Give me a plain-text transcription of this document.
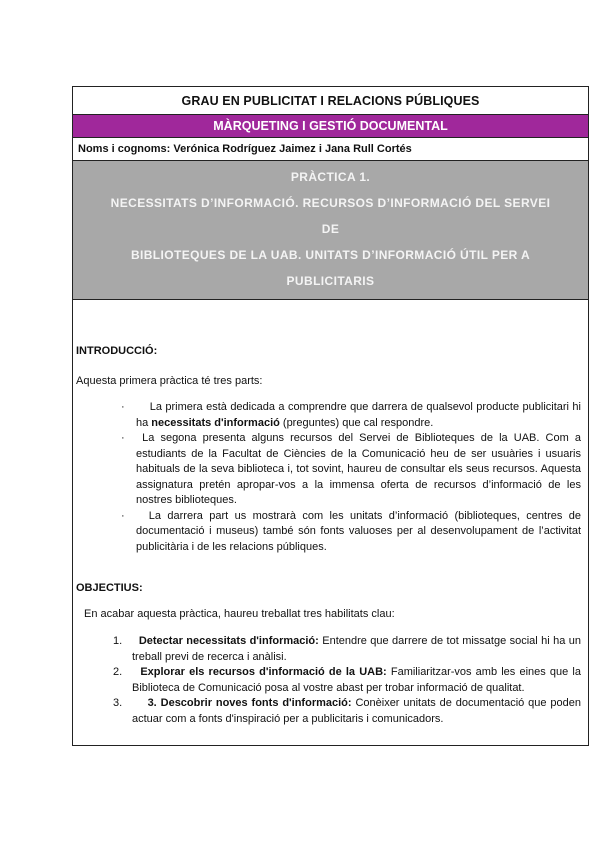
GRAU EN PUBLICITAT I RELACIONS PÚBLIQUES
MÀRQUETING I GESTIÓ DOCUMENTAL
Noms i cognoms: Verónica Rodríguez Jaimez i Jana Rull Cortés
PRÀCTICA 1.
NECESSITATS D’INFORMACIÓ. RECURSOS D’INFORMACIÓ DEL SERVEI
DE
BIBLIOTEQUES DE LA UAB. UNITATS D’INFORMACIÓ ÚTIL PER A
PUBLICITARIS

INTRODUCCIÓ:

Aquesta primera pràctica té tres parts:

· La primera està dedicada a comprendre que darrera de qualsevol producte publicitari hi ha necessitats d'informació (preguntes) que cal respondre.
· La segona presenta alguns recursos del Servei de Biblioteques de la UAB. Com a estudiants de la Facultat de Ciències de la Comunicació heu de ser usuàries i usuaris habituals de la seva biblioteca i, tot sovint, haureu de consultar els seus recursos. Aquesta assignatura pretén apropar-vos a la immensa oferta de recursos d’informació de les nostres biblioteques.
· La darrera part us mostrarà com les unitats d’informació (biblioteques, centres de documentació i museus) també són fonts valuoses per al desenvolupament de l’activitat publicitària i de les relacions públiques.

OBJECTIUS:

En acabar aquesta pràctica, haureu treballat tres habilitats clau:

1. Detectar necessitats d'informació: Entendre que darrere de tot missatge social hi ha un treball previ de recerca i anàlisi.
2. Explorar els recursos d'informació de la UAB: Familiaritzar-vos amb les eines que la Biblioteca de Comunicació posa al vostre abast per trobar informació de qualitat.
3. 3. Descobrir noves fonts d'informació: Conèixer unitats de documentació que poden actuar com a fonts d'inspiració per a publicitaris i comunicadors.
